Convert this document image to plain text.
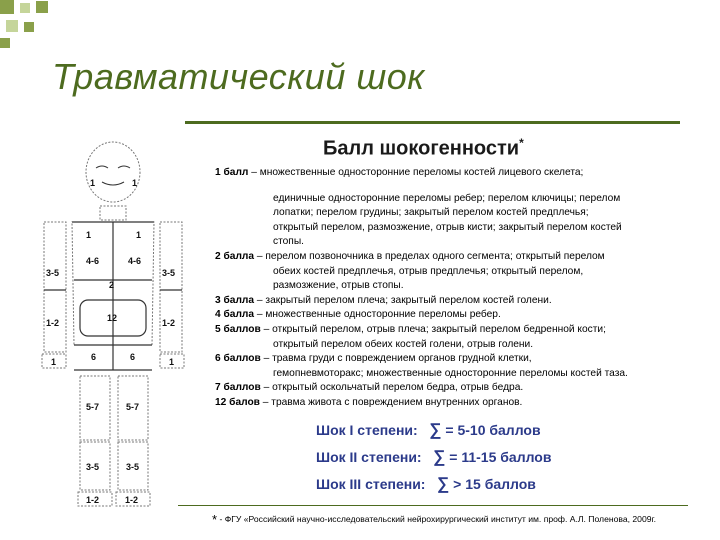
Травматический шок
1	1
1	1
4-6	4-6
2
3-5	3-5
1-2	1-2
1	1
12
6	6
5-7	5-7
3-5	3-5
1-2	1-2
Балл шокогенности*
1 балл – множественные односторонние переломы костей лицевого скелета;
единичные односторонние переломы ребер; перелом ключицы; перелом
лопатки; перелом грудины; закрытый перелом костей предплечья;
открытый перелом, размозжение, отрыв кисти; закрытый перелом костей
стопы.
2 балла – перелом позвоночника в пределах одного сегмента; открытый перелом
обеих костей предплечья, отрыв предплечья; открытый перелом,
размозжение, отрыв стопы.
3 балла – закрытый перелом плеча; закрытый перелом костей голени.
4 балла – множественные односторонние переломы ребер.
5 баллов – открытый перелом, отрыв плеча; закрытый перелом бедренной кости;
открытый перелом обеих костей голени, отрыв голени.
6 баллов – травма груди с повреждением органов грудной клетки,
гемопневмоторакс; множественные односторонние переломы костей таза.
7 баллов – открытый оскольчатый перелом бедра, отрыв бедра.
12 балов – травма живота с повреждением внутренних органов.
Шок I степени: ∑ = 5-10 баллов
Шок II степени: ∑ = 11-15 баллов
Шок III степени: ∑ > 15 баллов
* - ФГУ «Российский научно-исследовательский нейрохирургический институт им. проф. А.Л. Поленова, 2009г.
